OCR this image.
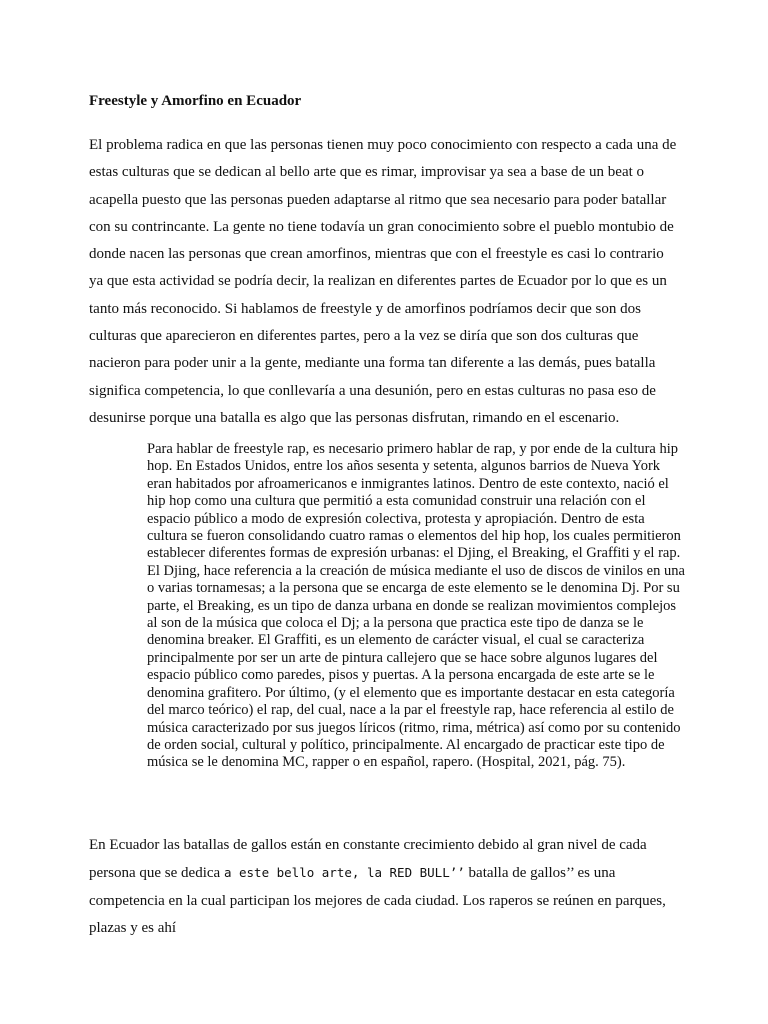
Freestyle y Amorfino en Ecuador
El problema radica en que las personas tienen muy poco conocimiento con respecto a cada una de estas culturas que se dedican al bello arte que es rimar, improvisar ya sea a base de un beat o acapella puesto que las personas pueden adaptarse al ritmo que sea necesario para poder batallar con su contrincante. La gente no tiene todavía un gran conocimiento sobre el pueblo montubio de donde nacen las personas que crean amorfinos, mientras que con el freestyle es casi lo contrario ya que esta actividad se podría decir, la realizan en diferentes partes de Ecuador por lo que es un tanto más reconocido. Si hablamos de freestyle y de amorfinos podríamos decir que son dos culturas que aparecieron en diferentes partes, pero a la vez se diría que son dos culturas que nacieron para poder unir a la gente, mediante una forma tan diferente a las demás, pues batalla significa competencia, lo que conllevaría a una desunión, pero en estas culturas no pasa eso de desunirse porque una batalla es algo que las personas disfrutan, rimando en el escenario.
Para hablar de freestyle rap, es necesario primero hablar de rap, y por ende de la cultura hip hop. En Estados Unidos, entre los años sesenta y setenta, algunos barrios de Nueva York eran habitados por afroamericanos e inmigrantes latinos. Dentro de este contexto, nació el hip hop como una cultura que permitió a esta comunidad construir una relación con el espacio público a modo de expresión colectiva, protesta y apropiación. Dentro de esta cultura se fueron consolidando cuatro ramas o elementos del hip hop, los cuales permitieron establecer diferentes formas de expresión urbanas: el Djing, el Breaking, el Graffiti y el rap. El Djing, hace referencia a la creación de música mediante el uso de discos de vinilos en una o varias tornamesas; a la persona que se encarga de este elemento se le denomina Dj. Por su parte, el Breaking, es un tipo de danza urbana en donde se realizan movimientos complejos al son de la música que coloca el Dj; a la persona que practica este tipo de danza se le denomina breaker. El Graffiti, es un elemento de carácter visual, el cual se caracteriza principalmente por ser un arte de pintura callejero que se hace sobre algunos lugares del espacio público como paredes, pisos y puertas. A la persona encargada de este arte se le denomina grafitero. Por último, (y el elemento que es importante destacar en esta categoría del marco teórico) el rap, del cual, nace a la par el freestyle rap, hace referencia al estilo de música caracterizado por sus juegos líricos (ritmo, rima, métrica) así como por su contenido de orden social, cultural y político, principalmente. Al encargado de practicar este tipo de música se le denomina MC, rapper o en español, rapero. (Hospital, 2021, pág. 75).
En Ecuador las batallas de gallos están en constante crecimiento debido al gran nivel de cada persona que se dedica a este bello arte, la RED BULL’’ batalla de gallos’’ es una competencia en la cual participan los mejores de cada ciudad. Los raperos se reúnen en parques, plazas y es ahí
